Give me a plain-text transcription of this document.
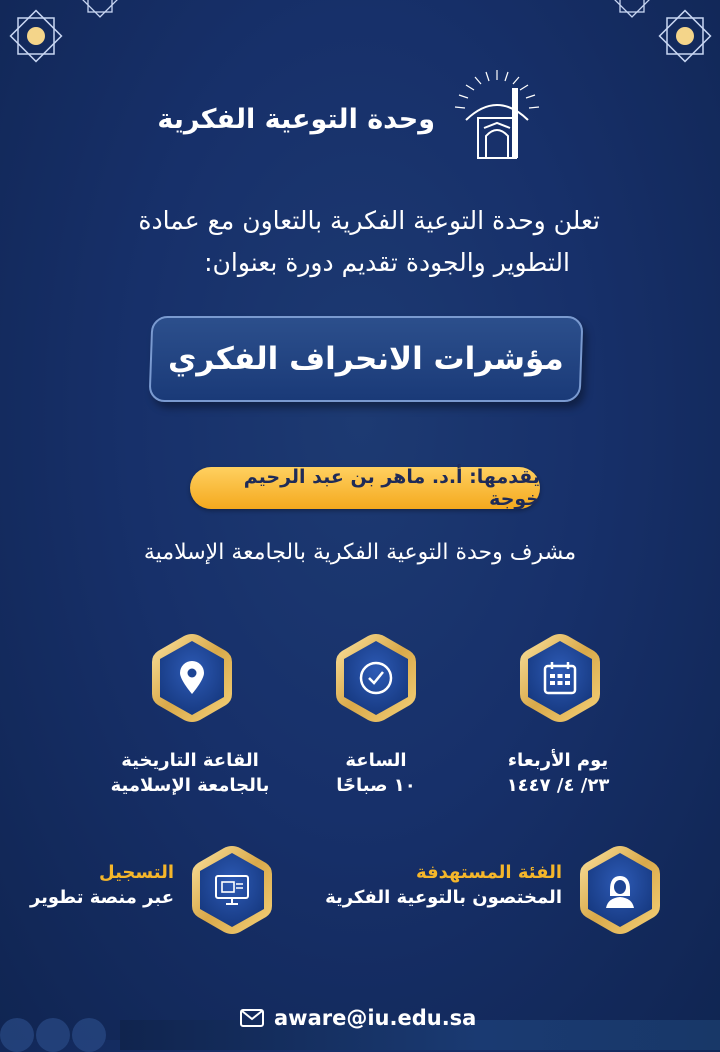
وحدة التوعية الفكرية
تعلن وحدة التوعية الفكرية بالتعاون مع عمادة
التطوير والجودة تقديم دورة بعنوان:
مؤشرات الانحراف الفكري
يقدمها: أ.د. ماهر بن عبد الرحيم خوجة
مشرف وحدة التوعية الفكرية بالجامعة الإسلامية
يوم الأربعاء
٢٣/ ٤/ ١٤٤٧
الساعة
١٠ صباحًا
القاعة التاريخية
بالجامعة الإسلامية
الفئة المستهدفة
المختصون بالتوعية الفكرية
التسجيل
عبر منصة تطوير
aware@iu.edu.sa
